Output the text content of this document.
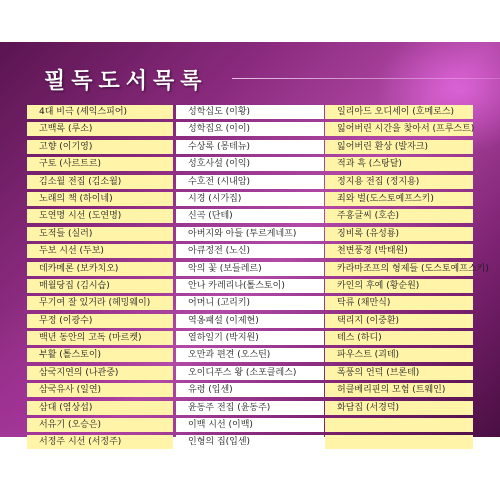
필독도서목록
4대 비극 (셰익스피어)
고백록 (루소)
고향 (이기영)
구토 (사르트르)
김소월 전집 (김소월)
노래의 책 (하이네)
도연명 시선 (도연명)
도적들 (실러)
두보 시선 (두보)
데카메론 (보카치오)
매월당집 (김시습)
무기여 잘 있거라 (헤밍웨이)
무정 (이광수)
백년 동안의 고독 (마르켓)
부활 (톨스토이)
삼국지연의 (나관중)
삼국유사 (일연)
삼대 (염상섭)
서유기 (오승은)
서정주 시선 (서정주)
성학십도 (이황)
성학집요 (이이)
수상록 (몽테뉴)
성호사설 (이익)
수호전 (시내암)
시경 (시가집)
신곡 (단테)
아버지와 아들 (투르게네프)
아큐정전 (노신)
악의 꽃 (보들레르)
안나 카레리나(톨스토이)
어머니 (고리키)
역옹패설 (이제현)
열하일기 (박지원)
오만과 편견 (오스틴)
오이디푸스 왕 (소포클레스)
유령 (입센)
윤동주 전집 (윤동주)
이백 시선 (이백)
인형의 집(입센)
일리아드 오디세이 (호메로스)
잃어버린 시간을 찾아서 (프루스트)
잃어버린 환상 (발자크)
적과 흑 (스탕달)
정지용 전집 (정지용)
죄와 벌(도스토예프스키)
주홍글씨 (호손)
징비록 (유성룡)
천변풍경 (박태원)
카라마조프의 형제들 (도스토예프스키)
카인의 후예 (황순원)
탁류 (채만식)
택리지 (이중환)
테스 (하디)
파우스트 (괴테)
폭풍의 언덕 (브론테)
허클베리핀의 모험 (트웨인)
화담집 (서경덕)
